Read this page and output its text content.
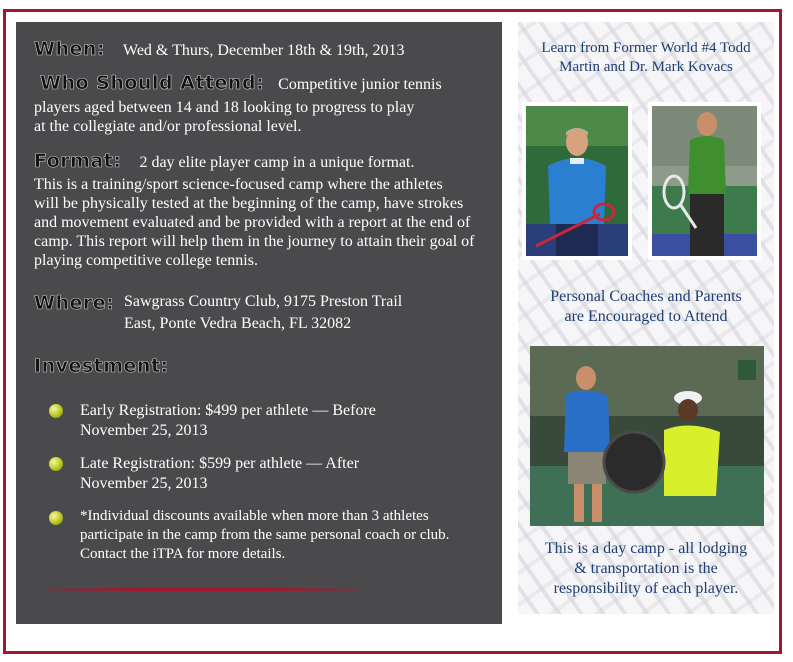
When: Wed & Thurs, December 18th & 19th, 2013
Who Should Attend: Competitive junior tennis
players aged between 14 and 18 looking to progress to play
at the collegiate and/or professional level.
Format: 2 day elite player camp in a unique format.
This is a training/sport science-focused camp where the athletes
will be physically tested at the beginning of the camp, have strokes
and movement evaluated and be provided with a report at the end of
camp. This report will help them in the journey to attain their goal of
playing competitive college tennis.
Where: Sawgrass Country Club, 9175 Preston Trail
East, Ponte Vedra Beach, FL 32082
Investment:
Early Registration: $499 per athlete — Before
November 25, 2013
Late Registration: $599 per athlete — After
November 25, 2013
*Individual discounts available when more than 3 athletes
participate in the camp from the same personal coach or club.
Contact the iTPA for more details.
Learn from Former World #4 Todd
Martin and Dr. Mark Kovacs
Personal Coaches and Parents
are Encouraged to Attend
This is a day camp - all lodging
& transportation is the
responsibility of each player.
